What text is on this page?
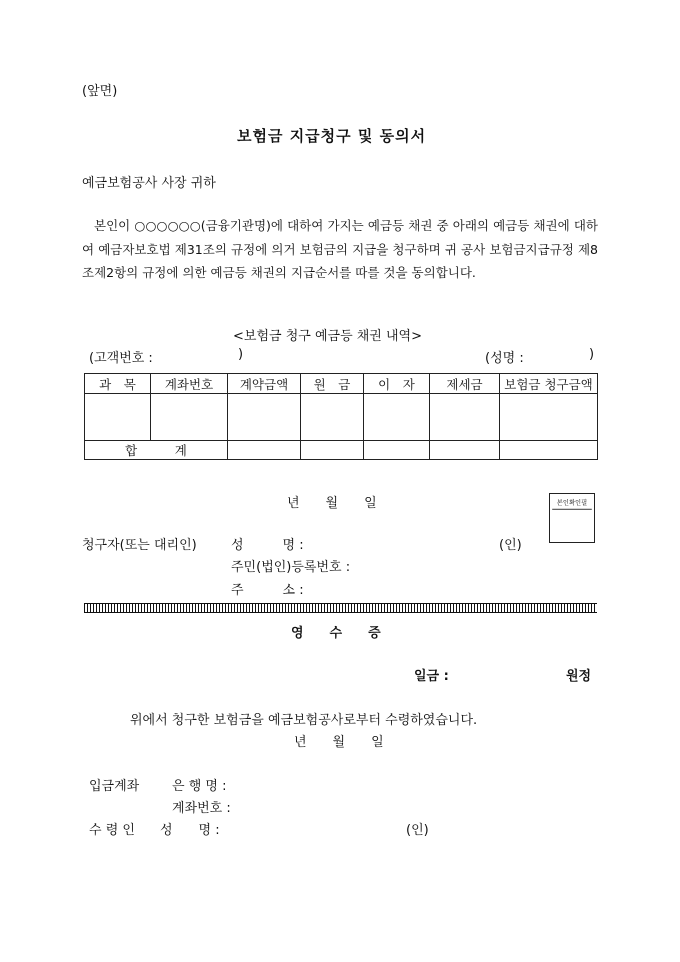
(앞면)
보험금 지급청구 및 동의서
예금보험공사 사장 귀하

본인이 ○○○○○○(금융기관명)에 대하여 가지는 예금등 채권 중 아래의 예금등 채권에 대하여 예금자보호법 제31조의 규정에 의거 보험금의 지급을 청구하며 귀 공사 보험금지급규정 제8조제2항의 규정에 의한 예금등 채권의 지급순서를 따를 것을 동의합니다.

<보험금 청구 예금등 채권 내역>
(고객번호 :	)	(성명 :	)
과　목	계좌번호	계약금액	원　금	이　자	제세금	보험금 청구금액

합　　　계						
년　　월　　일	본인확인필
청구자(또는 대리인)	성　　　명 :	(인)
주민(법인)등록번호 :
주　　　소 :
영　　수　　증
일금 :	원정
위에서 청구한 보험금을 예금보험공사로부터 수령하였습니다.
년　　월　　일
입금계좌	은 행 명 :
계좌번호 :
수 령 인 성　　명 :	(인)
